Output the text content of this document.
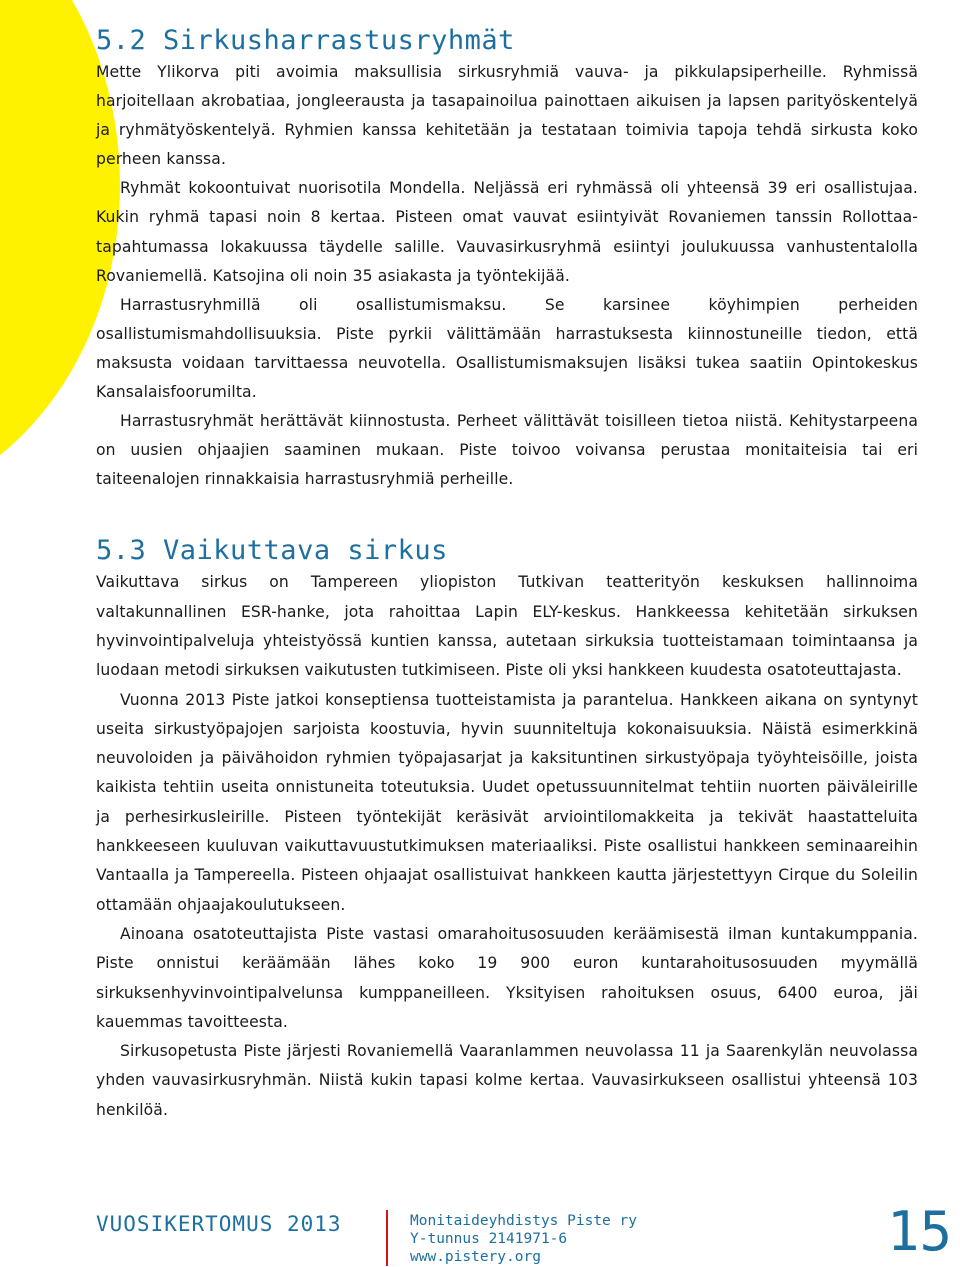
5.2 Sirkusharrastusryhmät

Mette Ylikorva piti avoimia maksullisia sirkusryhmiä vauva- ja pikkulapsiperheille. Ryhmissä harjoitellaan akrobatiaa, jongleerausta ja tasapainoilua painottaen aikuisen ja lapsen parityöskentelyä ja ryhmätyöskentelyä. Ryhmien kanssa kehitetään ja testataan toimivia tapoja tehdä sirkusta koko perheen kanssa.

Ryhmät kokoontuivat nuorisotila Mondella. Neljässä eri ryhmässä oli yhteensä 39 eri osallistujaa. Kukin ryhmä tapasi noin 8 kertaa. Pisteen omat vauvat esiintyivät Rovaniemen tanssin Rollottaa-tapahtumassa lokakuussa täydelle salille. Vauvasirkusryhmä esiintyi joulukuussa vanhustentalolla Rovaniemellä. Katsojina oli noin 35 asiakasta ja työntekijää.

Harrastusryhmillä oli osallistumismaksu. Se karsinee köyhimpien perheiden osallistumismahdollisuuksia. Piste pyrkii välittämään harrastuksesta kiinnostuneille tiedon, että maksusta voidaan tarvittaessa neuvotella. Osallistumismaksujen lisäksi tukea saatiin Opintokeskus Kansalaisfoorumilta.

Harrastusryhmät herättävät kiinnostusta. Perheet välittävät toisilleen tietoa niistä. Kehitystarpeena on uusien ohjaajien saaminen mukaan. Piste toivoo voivansa perustaa monitaiteisia tai eri taiteenalojen rinnakkaisia harrastusryhmiä perheille.

5.3 Vaikuttava sirkus

Vaikuttava sirkus on Tampereen yliopiston Tutkivan teatterityön keskuksen hallinnoima valtakunnallinen ESR-hanke, jota rahoittaa Lapin ELY-keskus. Hankkeessa kehitetään sirkuksen hyvinvointipalveluja yhteistyössä kuntien kanssa, autetaan sirkuksia tuotteistamaan toimintaansa ja luodaan metodi sirkuksen vaikutusten tutkimiseen. Piste oli yksi hankkeen kuudesta osatoteuttajasta.

Vuonna 2013 Piste jatkoi konseptiensa tuotteistamista ja parantelua. Hankkeen aikana on syntynyt useita sirkustyöpajojen sarjoista koostuvia, hyvin suunniteltuja kokonaisuuksia. Näistä esimerkkinä neuvoloiden ja päivähoidon ryhmien työpajasarjat ja kaksituntinen sirkustyöpaja työyhteisöille, joista kaikista tehtiin useita onnistuneita toteutuksia. Uudet opetussuunnitelmat tehtiin nuorten päiväleirille ja perhesirkusleirille. Pisteen työntekijät keräsivät arviointilomakkeita ja tekivät haastatteluita hankkeeseen kuuluvan vaikuttavuustutkimuksen materiaaliksi. Piste osallistui hankkeen seminaareihin Vantaalla ja Tampereella. Pisteen ohjaajat osallistuivat hankkeen kautta järjestettyyn Cirque du Soleilin ottamään ohjaajakoulutukseen.

Ainoana osatoteuttajista Piste vastasi omarahoitusosuuden keräämisestä ilman kuntakumppania. Piste onnistui keräämään lähes koko 19 900 euron kuntarahoitusosuuden myymällä sirkuksenhyvinvointipalvelunsa kumppaneilleen. Yksityisen rahoituksen osuus, 6400 euroa, jäi kauemmas tavoitteesta.

Sirkusopetusta Piste järjesti Rovaniemellä Vaaranlammen neuvolassa 11 ja Saarenkylän neuvolassa yhden vauvasirkusryhmän. Niistä kukin tapasi kolme kertaa. Vauvasirkukseen osallistui yhteensä 103 henkilöä.

VUOSIKERTOMUS 2013	Monitaideyhdistys Piste ry
Y-tunnus 2141971-6
www.pistery.org	15
